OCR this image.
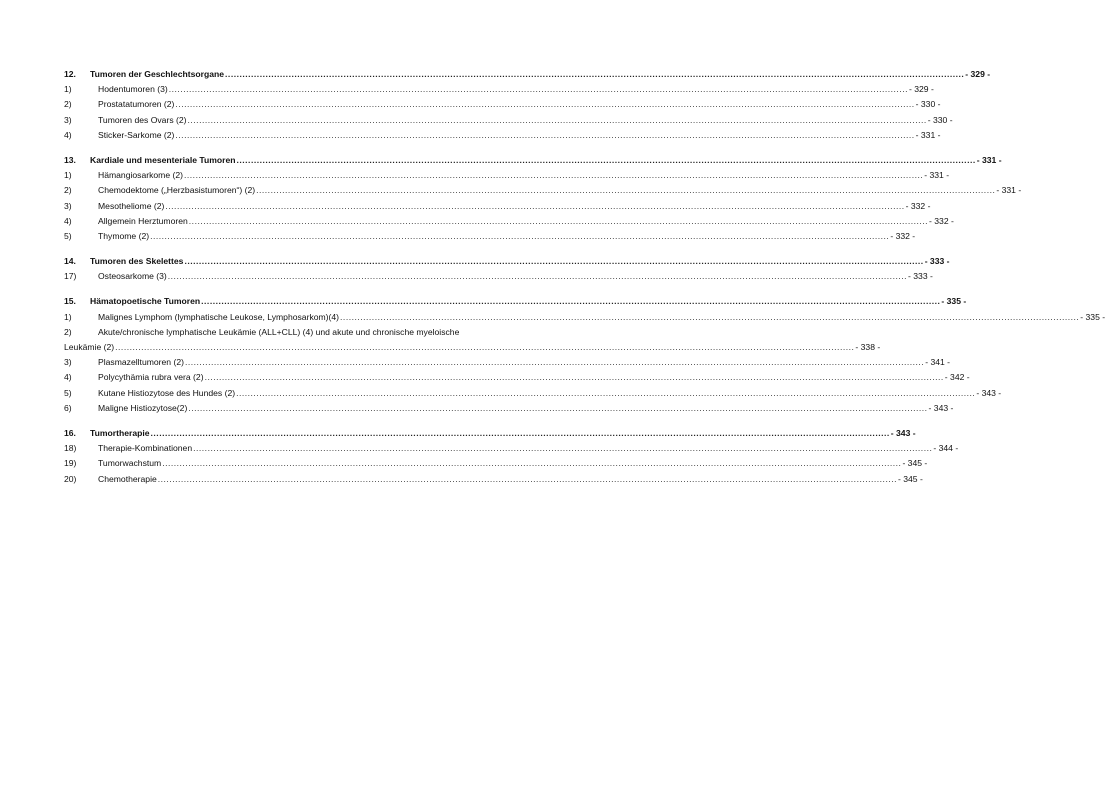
12.	Tumoren der Geschlechtsorgane .....	- 329 -
1)	Hodentumoren (3) .....	- 329 -
2)	Prostatatumoren (2) .....	- 330 -
3)	Tumoren des Ovars (2) .....	- 330 -
4)	Sticker-Sarkome (2) .....	- 331 -
13.	Kardiale und mesenteriale Tumoren .....	- 331 -
1)	Hämangiosarkome (2) .....	- 331 -
2)	Chemodektome („Herzbasistumoren“) (2) .....	- 331 -
3)	Mesotheliome (2) .....	- 332 -
4)	Allgemein Herztumoren .....	- 332 -
5)	Thymome (2) .....	- 332 -
14.	Tumoren des Skelettes .....	- 333 -
17)	Osteosarkome (3) .....	- 333 -
15.	Hämatopoetische Tumoren .....	- 335 -
1)	Malignes Lymphom (lymphatische Leukose, Lymphosarkom)(4) .....	- 335 -
2)	Akute/chronische lymphatische Leukämie (ALL+CLL) (4) und akute und chronische myeloische
Leukämie (2) .....	- 338 -
3)	Plasmazelltumoren (2) .....	- 341 -
4)	Polycythämia rubra vera (2) .....	- 342 -
5)	Kutane Histiozytose des Hundes (2) .....	- 343 -
6)	Maligne Histiozytose(2) .....	- 343 -
16.	Tumortherapie .....	- 343 -
18)	Therapie-Kombinationen .....	- 344 -
19)	Tumorwachstum .....	- 345 -
20)	Chemotherapie .....	- 345 -
